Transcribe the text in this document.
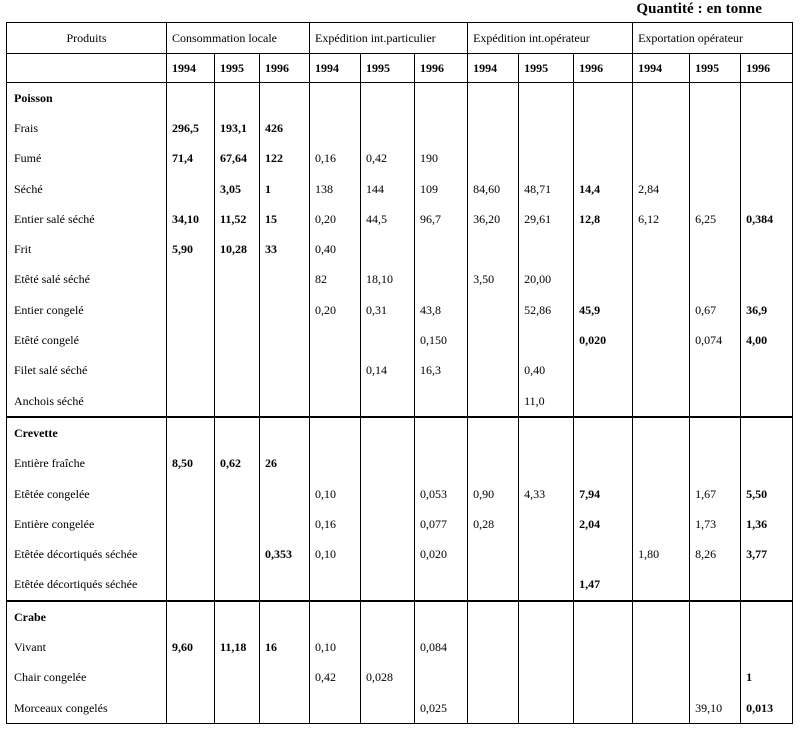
Quantité : en tonne
Produits	Consommation locale			Expédition int.particulier			Expédition int.opérateur			Exportation opérateur		
	1994	1995	1996	1994	1995	1996	1994	1995	1996	1994	1995	1996
Poisson												
Frais	296,5	193,1	426									
Fumé	71,4	67,64	122	0,16	0,42	190						
Séché		3,05	1	138	144	109	84,60	48,71	14,4	2,84		
Entier salé séché	34,10	11,52	15	0,20	44,5	96,7	36,20	29,61	12,8	6,12	6,25	0,384
Frit	5,90	10,28	33	0,40								
Etêté salé séché				82	18,10		3,50	20,00				
Entier congelé				0,20	0,31	43,8		52,86	45,9		0,67	36,9
Etêté congelé						0,150			0,020		0,074	4,00
Filet salé séché					0,14	16,3		0,40				
Anchois séché								11,0				
Crevette												
Entière fraîche	8,50	0,62	26									
Etêtée congelée				0,10		0,053	0,90	4,33	7,94		1,67	5,50
Entière congelée				0,16		0,077	0,28		2,04		1,73	1,36
Etêtée décortiqués séchée			0,353	0,10		0,020				1,80	8,26	3,77
Etêtée décortiqués séchée									1,47			
Crabe												
Vivant	9,60	11,18	16	0,10		0,084						
Chair congelée				0,42	0,028							1
Morceaux congelés						0,025					39,10	0,013
